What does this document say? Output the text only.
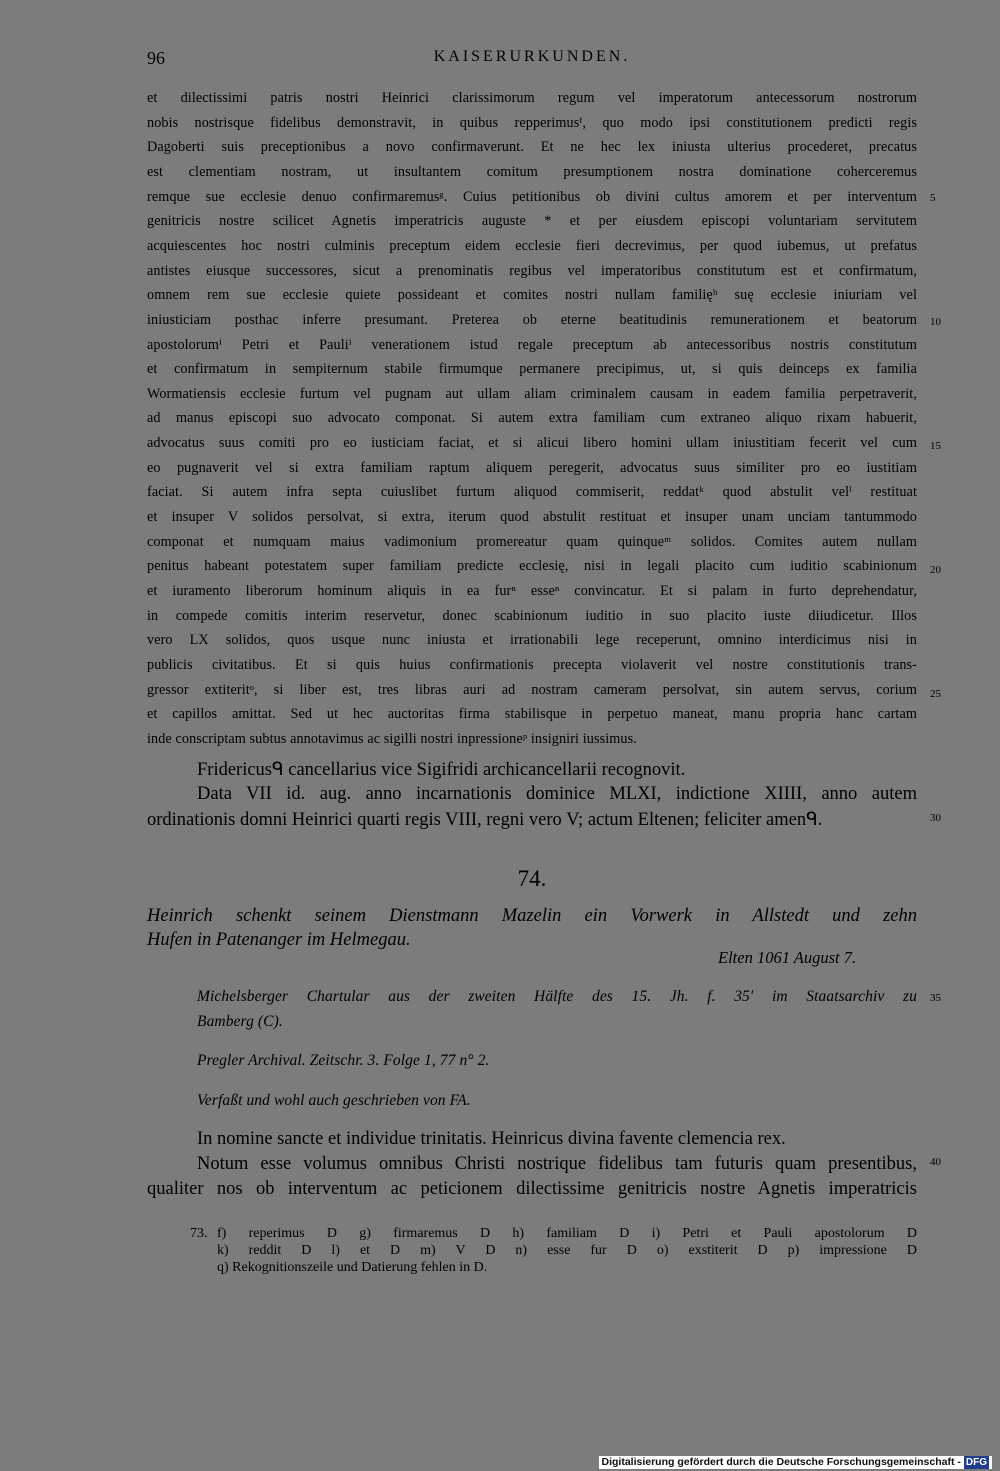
96	KAISERURKUNDEN.
et dilectissimi patris nostri Heinrici clarissimorum regum vel imperatorum antecessorum nostrorum
nobis nostrisque fidelibus demonstravit, in quibus repperimusᶠ, quo modo ipsi constitutionem predicti regis
Dagoberti suis preceptionibus a novo confirmaverunt. Et ne hec lex iniusta ulterius procederet, precatus
est clementiam nostram, ut insultantem comitum presumptionem nostra dominatione coherceremus
remque sue ecclesie denuo confirmaremusᵍ. Cuius petitionibus ob divini cultus amorem et per interventum
genitricis nostre scilicet Agnetis imperatricis auguste * et per eiusdem episcopi voluntariam servitutem
acquiescentes hoc nostri culminis preceptum eidem ecclesie fieri decrevimus, per quod iubemus, ut prefatus
antistes eiusque successores, sicut a prenominatis regibus vel imperatoribus constitutum est et confirmatum,
omnem rem sue ecclesie quiete possideant et comites nostri nullam familięʰ suę ecclesie iniuriam vel
iniusticiam posthac inferre presumant. Preterea ob eterne beatitudinis remunerationem et beatorum
apostolorumⁱ Petri et Pauliⁱ venerationem istud regale preceptum ab antecessoribus nostris constitutum
et confirmatum in sempiternum stabile firmumque permanere precipimus, ut, si quis deinceps ex familia
Wormatiensis ecclesie furtum vel pugnam aut ullam aliam criminalem causam in eadem familia perpetraverit,
ad manus episcopi suo advocato componat. Si autem extra familiam cum extraneo aliquo rixam habuerit,
advocatus suus comiti pro eo iusticiam faciat, et si alicui libero homini ullam iniustitiam fecerit vel cum
eo pugnaverit vel si extra familiam raptum aliquem peregerit, advocatus suus similiter pro eo iustitiam
faciat. Si autem infra septa cuiuslibet furtum aliquod commiserit, reddatᵏ quod abstulit velˡ restituat
et insuper V solidos persolvat, si extra, iterum quod abstulit restituat et insuper unam unciam tantummodo
componat et numquam maius vadimonium promereatur quam quinqueᵐ solidos. Comites autem nullam
penitus habeant potestatem super familiam predicte ecclesię, nisi in legali placito cum iuditio scabinionum
et iuramento liberorum hominum aliquis in ea furⁿ esseⁿ convincatur. Et si palam in furto deprehendatur,
in compede comitis interim reservetur, donec scabinionum iuditio in suo placito iuste diiudicetur. Illos
vero LX solidos, quos usque nunc iniusta et irrationabili lege receperunt, omnino interdicimus nisi in
publicis civitatibus. Et si quis huius confirmationis precepta violaverit vel nostre constitutionis trans-
gressor extiteritᵒ, si liber est, tres libras auri ad nostram cameram persolvat, sin autem servus, corium
et capillos amittat. Sed ut hec auctoritas firma stabilisque in perpetuo maneat, manu propria hanc cartam
inde conscriptam subtus annotavimus ac sigilli nostri inpressioneᵖ insigniri iussimus.
Fridericusᑫ cancellarius vice Sigifridi archicancellarii recognovit.
Data VII id. aug. anno incarnationis dominice MLXI, indictione XIIII, anno autem
ordinationis domni Heinrici quarti regis VIII, regni vero V; actum Eltenen; feliciter amenᑫ.
74.
Heinrich schenkt seinem Dienstmann Mazelin ein Vorwerk in Allstedt und zehn
Hufen in Patenanger im Helmegau.
Elten 1061 August 7.
Michelsberger Chartular aus der zweiten Hälfte des 15. Jh. f. 35′ im Staatsarchiv zu
Bamberg (C).
Pregler Archival. Zeitschr. 3. Folge 1, 77 n° 2.
Verfaßt und wohl auch geschrieben von FA.
In nomine sancte et individue trinitatis. Heinricus divina favente clemencia rex.
Notum esse volumus omnibus Christi nostrique fidelibus tam futuris quam presentibus,
qualiter nos ob interventum ac peticionem dilectissime genitricis nostre Agnetis imperatricis
5
10
15
20
25
30
35
40
73. f) reperimus D g) firmaremus D h) familiam D i) Petri et Pauli apostolorum D
k) reddit D l) et D m) V D n) esse fur D o) exstiterit D p) impressione D
q) Rekognitionszeile und Datierung fehlen in D.
Digitalisierung gefördert durch die Deutsche Forschungsgemeinschaft - DFG
